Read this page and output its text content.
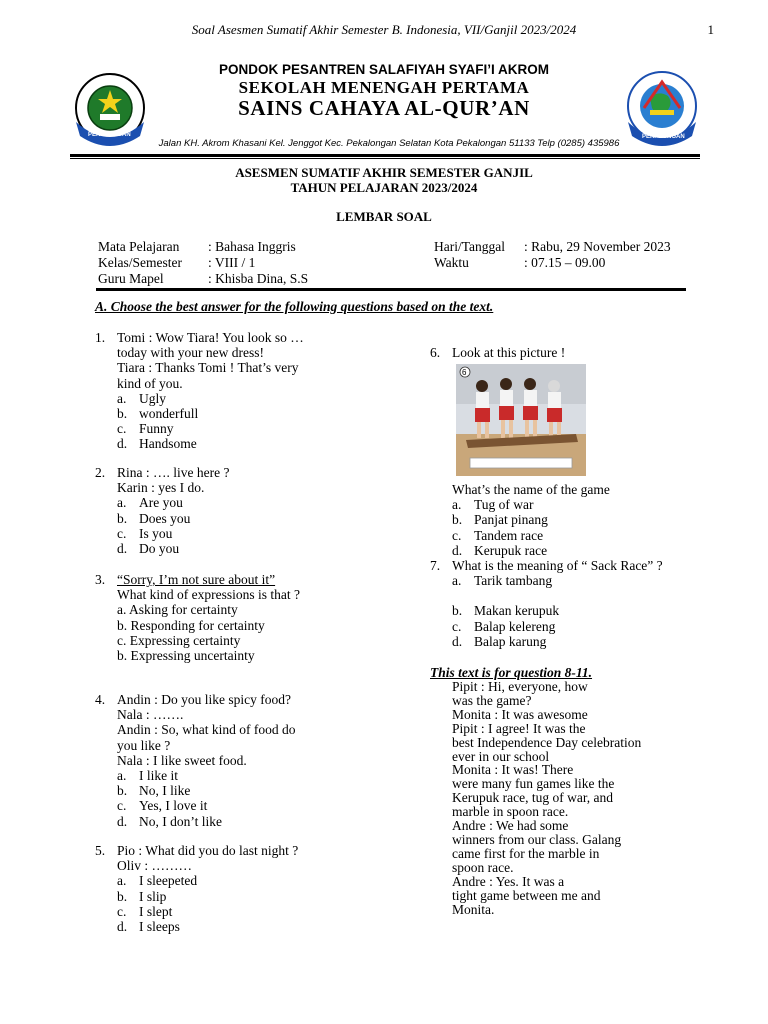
Soal Asesmen Sumatif Akhir Semester B. Indonesia, VII/Ganjil 2023/2024	1
PEKALONGAN	PEKALONGAN
PONDOK PESANTREN SALAFIYAH SYAFI’I AKROM
SEKOLAH MENENGAH PERTAMA
SAINS CAHAYA AL-QUR’AN
Jalan KH. Akrom Khasani Kel. Jenggot Kec. Pekalongan Selatan Kota Pekalongan 51133 Telp (0285) 435986
ASESMEN SUMATIF AKHIR SEMESTER GANJIL
TAHUN PELAJARAN 2023/2024
LEMBAR SOAL
Mata Pelajaran : Bahasa Inggris
Kelas/Semester : VIII / 1
Guru Mapel	: Khisba Dina, S.S
Hari/Tanggal : Rabu, 29 November 2023
Waktu	: 07.15 – 09.00
A. Choose the best answer for the following questions based on the text.
1. Tomi : Wow Tiara! You look so …
today with your new dress!
Tiara : Thanks Tomi ! That’s very
kind of you.
a. Ugly
b. wonderfull
c. Funny
d. Handsome
2. Rina : …. live here ?
Karin : yes I do.
a. Are you
b. Does you
c. Is you
d. Do you
3. “Sorry, I’m not sure about it”
What kind of expressions is that ?
a. Asking for certainty
b. Responding for certainty
c. Expressing certainty
b. Expressing uncertainty
4. Andin : Do you like spicy food?
Nala : …….
Andin : So, what kind of food do
you like ?
Nala : I like sweet food.
a. I like it
b. No, I like
c. Yes, I love it
d. No, I don’t like
5. Pio : What did you do last night ?
Oliv : ………
a. I sleepeted
b. I slip
c. I slept
d. I sleeps
6. Look at this picture !
6
What’s the name of the game
a. Tug of war
b. Panjat pinang
c. Tandem race
d. Kerupuk race
7. What is the meaning of “ Sack Race” ?
a. Tarik tambang
b. Makan kerupuk
c. Balap kelereng
d. Balap karung
This text is for question 8-11.
Pipit : Hi, everyone, how
was the game?
Monita : It was awesome
Pipit : I agree! It was the
best Independence Day celebration
ever in our school
Monita : It was! There
were many fun games like the
Kerupuk race, tug of war, and
marble in spoon race.
Andre : We had some
winners from our class. Galang
came first for the marble in
spoon race.
Andre : Yes. It was a
tight game between me and
Monita.
